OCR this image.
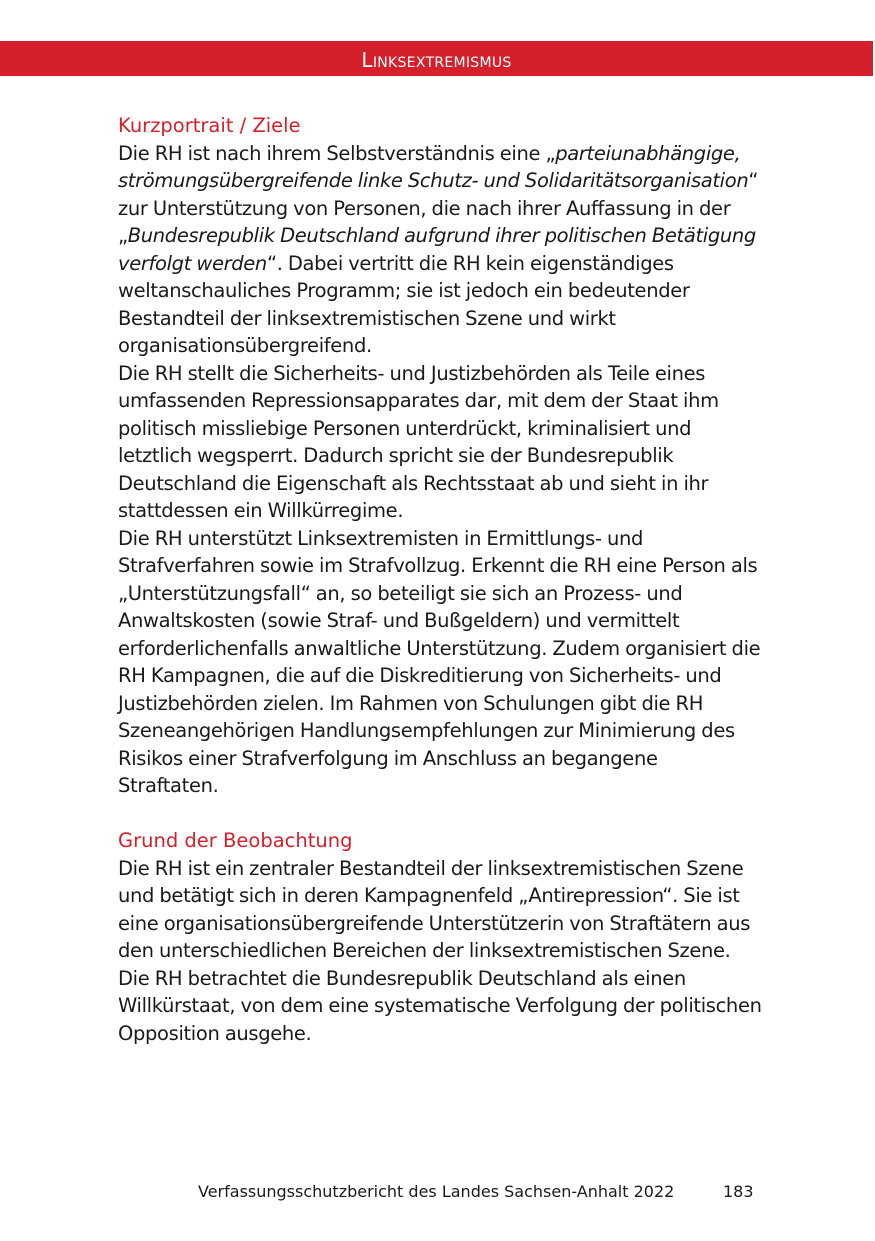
Linksextremismus
Kurzportrait / Ziele

Die RH ist nach ihrem Selbstverständnis eine „parteiunabhängige, strömungsübergreifende linke Schutz- und Solidaritätsorganisation“ zur Unterstützung von Personen, die nach ihrer Auffassung in der „Bundesrepublik Deutschland aufgrund ihrer politischen Betätigung verfolgt werden“. Dabei vertritt die RH kein eigenständiges weltanschauliches Programm; sie ist jedoch ein bedeutender Bestandteil der linksextremistischen Szene und wirkt organisationsübergreifend.

Die RH stellt die Sicherheits- und Justizbehörden als Teile eines umfassenden Repressionsapparates dar, mit dem der Staat ihm politisch missliebige Personen unterdrückt, kriminalisiert und letztlich wegsperrt. Dadurch spricht sie der Bundesrepublik Deutschland die Eigenschaft als Rechtsstaat ab und sieht in ihr stattdessen ein Willkürregime.

Die RH unterstützt Linksextremisten in Ermittlungs- und Strafverfahren sowie im Strafvollzug. Erkennt die RH eine Person als „Unterstützungsfall“ an, so beteiligt sie sich an Prozess- und Anwaltskosten (sowie Straf- und Bußgeldern) und vermittelt erforderlichenfalls anwaltliche Unterstützung. Zudem organisiert die RH Kampagnen, die auf die Diskreditierung von Sicherheits- und Justizbehörden zielen. Im Rahmen von Schulungen gibt die RH Szeneangehörigen Handlungsempfehlungen zur Minimierung des Risikos einer Strafverfolgung im Anschluss an begangene Straftaten.

Grund der Beobachtung

Die RH ist ein zentraler Bestandteil der linksextremistischen Szene und betätigt sich in deren Kampagnenfeld „Antirepression“. Sie ist eine organisationsübergreifende Unterstützerin von Straftätern aus den unterschiedlichen Bereichen der linksextremistischen Szene. Die RH betrachtet die Bundesrepublik Deutschland als einen Willkürstaat, von dem eine systematische Verfolgung der politischen Opposition ausgehe.

Verfassungsschutzbericht des Landes Sachsen-Anhalt 2022	183
